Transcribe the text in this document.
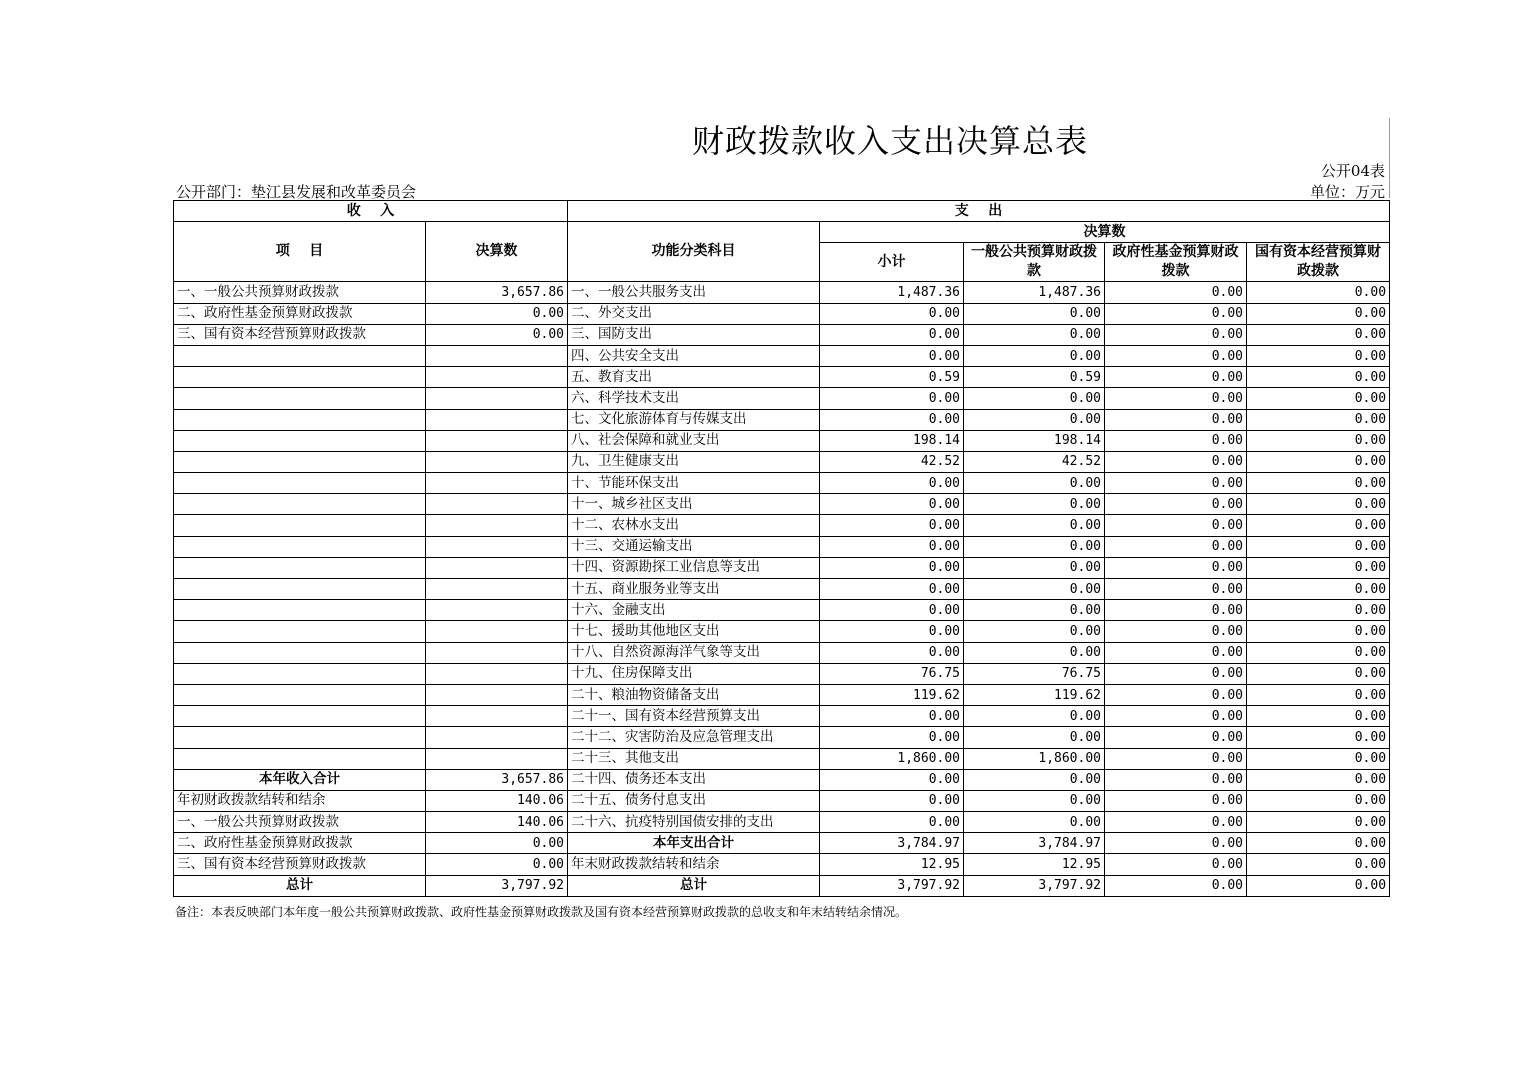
财政拨款收入支出决算总表
公开04表
公开部门：垫江县发展和改革委员会	单位：万元
收    入		支    出				
项    目	决算数	功能分类科目	决算数			
			小计	一般公共预算财政拨款	政府性基金预算财政拨款	国有资本经营预算财政拨款

一、一般公共预算财政拨款	3,657.86	一、一般公共服务支出	1,487.36	1,487.36	0.00	0.00
二、政府性基金预算财政拨款	0.00	二、外交支出	0.00	0.00	0.00	0.00
三、国有资本经营预算财政拨款	0.00	三、国防支出	0.00	0.00	0.00	0.00
		四、公共安全支出	0.00	0.00	0.00	0.00
		五、教育支出	0.59	0.59	0.00	0.00
		六、科学技术支出	0.00	0.00	0.00	0.00
		七、文化旅游体育与传媒支出	0.00	0.00	0.00	0.00
		八、社会保障和就业支出	198.14	198.14	0.00	0.00
		九、卫生健康支出	42.52	42.52	0.00	0.00
		十、节能环保支出	0.00	0.00	0.00	0.00
		十一、城乡社区支出	0.00	0.00	0.00	0.00
		十二、农林水支出	0.00	0.00	0.00	0.00
		十三、交通运输支出	0.00	0.00	0.00	0.00
		十四、资源勘探工业信息等支出	0.00	0.00	0.00	0.00
		十五、商业服务业等支出	0.00	0.00	0.00	0.00
		十六、金融支出	0.00	0.00	0.00	0.00
		十七、援助其他地区支出	0.00	0.00	0.00	0.00
		十八、自然资源海洋气象等支出	0.00	0.00	0.00	0.00
		十九、住房保障支出	76.75	76.75	0.00	0.00
		二十、粮油物资储备支出	119.62	119.62	0.00	0.00
		二十一、国有资本经营预算支出	0.00	0.00	0.00	0.00
		二十二、灾害防治及应急管理支出	0.00	0.00	0.00	0.00
		二十三、其他支出	1,860.00	1,860.00	0.00	0.00
本年收入合计	3,657.86	二十四、债务还本支出	0.00	0.00	0.00	0.00
年初财政拨款结转和结余	140.06	二十五、债务付息支出	0.00	0.00	0.00	0.00
一、一般公共预算财政拨款	140.06	二十六、抗疫特别国债安排的支出	0.00	0.00	0.00	0.00
二、政府性基金预算财政拨款	0.00	本年支出合计	3,784.97	3,784.97	0.00	0.00
三、国有资本经营预算财政拨款	0.00	年末财政拨款结转和结余	12.95	12.95	0.00	0.00
总计	3,797.92	总计	3,797.92	3,797.92	0.00	0.00
备注：本表反映部门本年度一般公共预算财政拨款、政府性基金预算财政拨款及国有资本经营预算财政拨款的总收支和年末结转结余情况。
